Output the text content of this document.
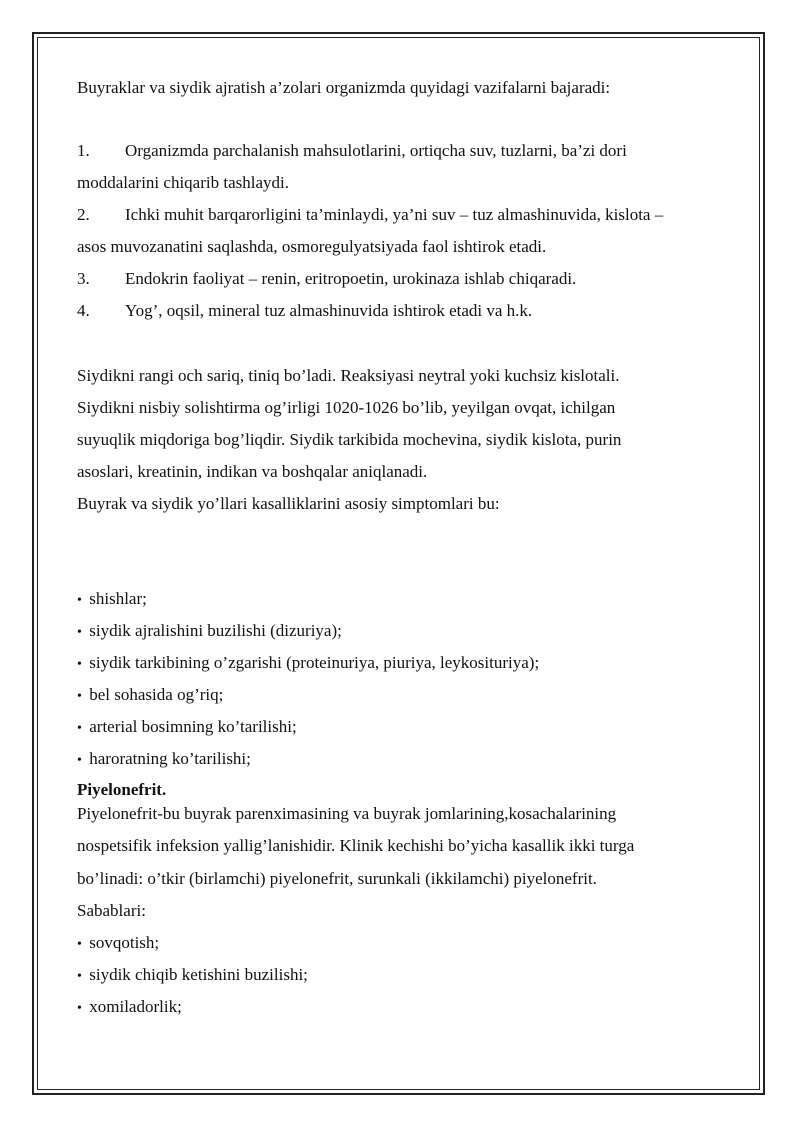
Buyraklar va siydik ajratish a’zolari organizmda quyidagi vazifalarni bajaradi:
1. Organizmda parchalanish mahsulotlarini, ortiqcha suv, tuzlarni, ba’zi dori
moddalarini chiqarib tashlaydi.
2. Ichki muhit barqarorligini ta’minlaydi, ya’ni suv – tuz almashinuvida, kislota –
asos muvozanatini saqlashda, osmoregulyatsiyada faol ishtirok etadi.
3. Endokrin faoliyat – renin, eritropoetin, urokinaza ishlab chiqaradi.
4. Yog’, oqsil, mineral tuz almashinuvida ishtirok etadi va h.k.
Siydikni rangi och sariq, tiniq bo’ladi. Reaksiyasi neytral yoki kuchsiz kislotali.
Siydikni nisbiy solishtirma og’irligi 1020-1026 bo’lib, yeyilgan ovqat, ichilgan
suyuqlik miqdoriga bog’liqdir. Siydik tarkibida mochevina, siydik kislota, purin
asoslari, kreatinin, indikan va boshqalar aniqlanadi.
Buyrak va siydik yo’llari kasalliklarini asosiy simptomlari bu:
• shishlar;
• siydik ajralishini buzilishi (dizuriya);
• siydik tarkibining o’zgarishi (proteinuriya, piuriya, leykosituriya);
• bel sohasida og’riq;
• arterial bosimning ko’tarilishi;
• haroratning ko’tarilishi;
Piyelonefrit.
Piyelonefrit-bu buyrak parenximasining va buyrak jomlarining,kosachalarining
nospetsifik infeksion yallig’lanishidir. Klinik kechishi bo’yicha kasallik ikki turga
bo’linadi: o’tkir (birlamchi) piyelonefrit, surunkali (ikkilamchi) piyelonefrit.
Sabablari:
• sovqotish;
• siydik chiqib ketishini buzilishi;
• xomiladorlik;
